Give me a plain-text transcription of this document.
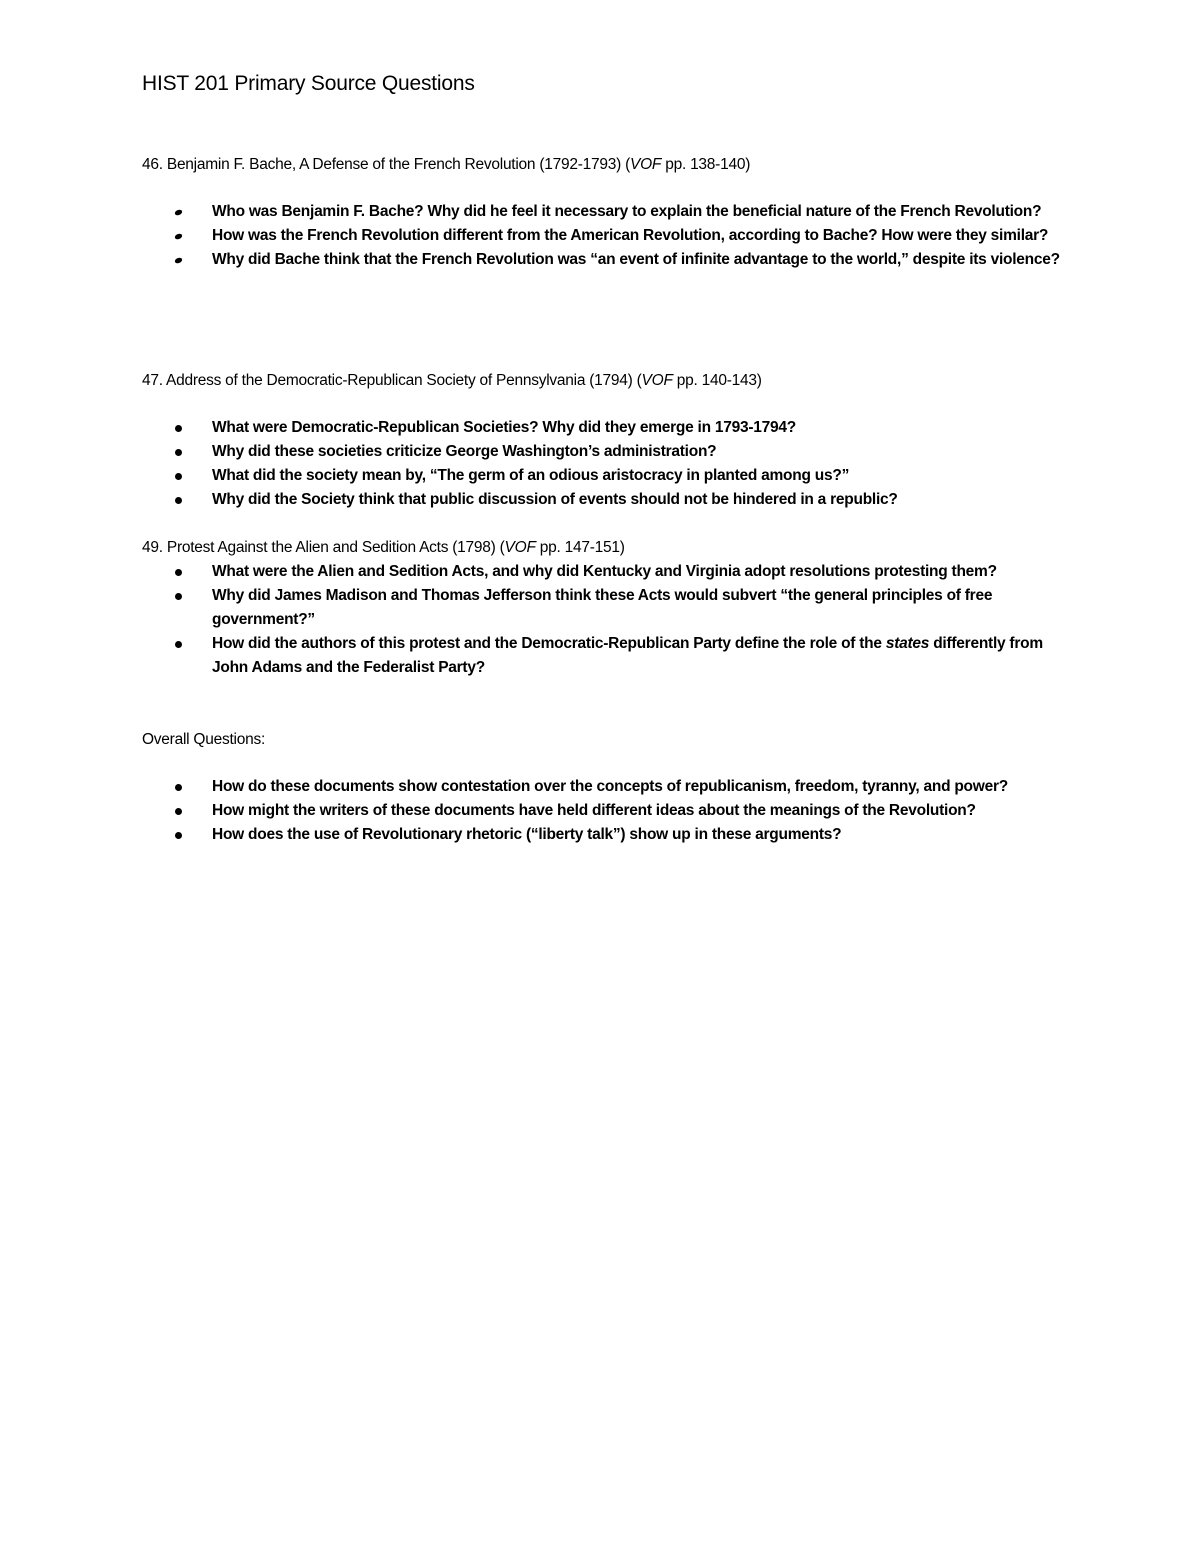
HIST 201 Primary Source Questions
46. Benjamin F. Bache, A Defense of the French Revolution (1792-1793) (VOF pp. 138-140)
Who was Benjamin F. Bache? Why did he feel it necessary to explain the beneficial nature of the French Revolution?
How was the French Revolution different from the American Revolution, according to Bache? How were they similar?
Why did Bache think that the French Revolution was “an event of infinite advantage to the world,” despite its violence?
47. Address of the Democratic-Republican Society of Pennsylvania (1794) (VOF pp. 140-143)
What were Democratic-Republican Societies? Why did they emerge in 1793-1794?
Why did these societies criticize George Washington’s administration?
What did the society mean by, “The germ of an odious aristocracy in planted among us?”
Why did the Society think that public discussion of events should not be hindered in a republic?
49. Protest Against the Alien and Sedition Acts (1798) (VOF pp. 147-151)
What were the Alien and Sedition Acts, and why did Kentucky and Virginia adopt resolutions protesting them?
Why did James Madison and Thomas Jefferson think these Acts would subvert “the general principles of free government?”
How did the authors of this protest and the Democratic-Republican Party define the role of the states differently from John Adams and the Federalist Party?
Overall Questions:
How do these documents show contestation over the concepts of republicanism, freedom, tyranny, and power?
How might the writers of these documents have held different ideas about the meanings of the Revolution?
How does the use of Revolutionary rhetoric (“liberty talk”) show up in these arguments?
